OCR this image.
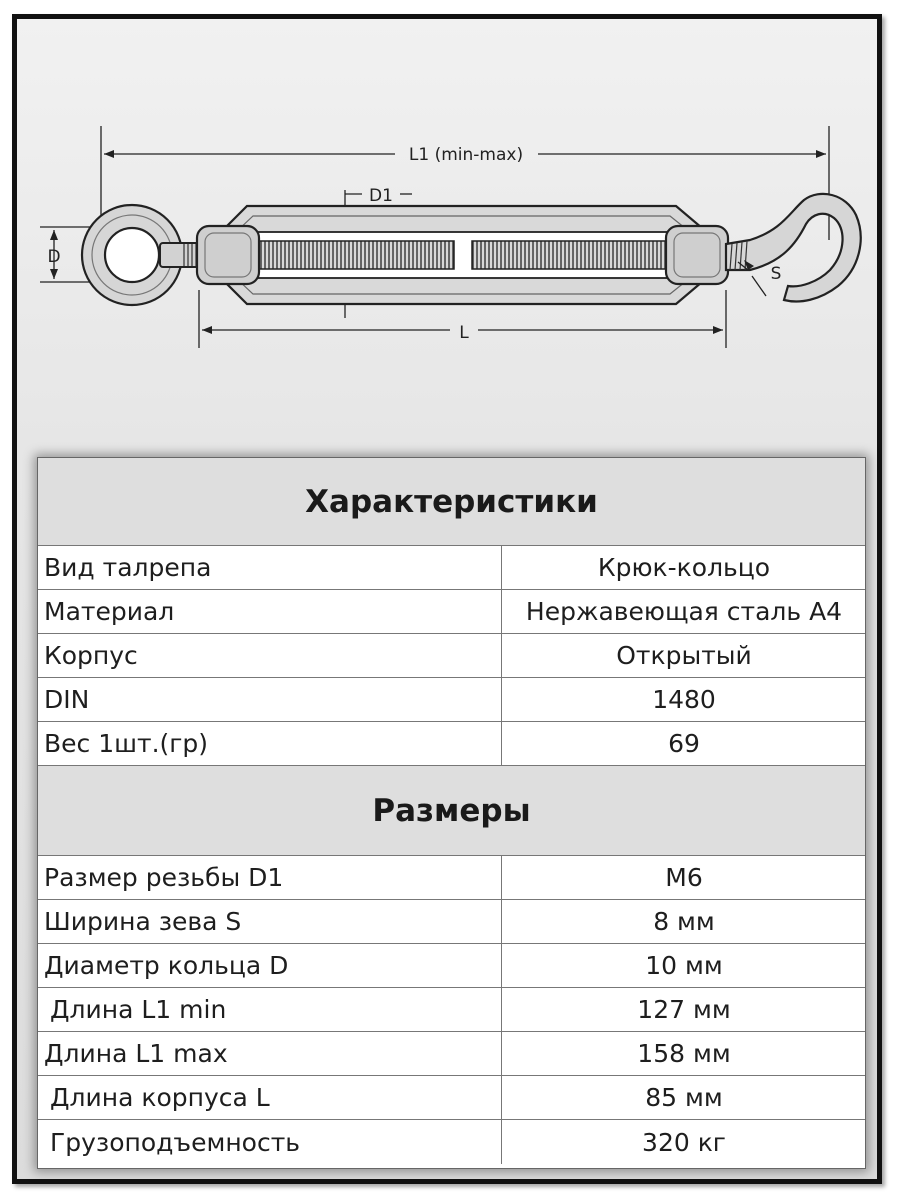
L1 (min-max)
D1
D
L
S
Характеристики
Вид талрепа	Крюк-кольцо
Материал	Нержавеющая сталь А4
Корпус	Открытый
DIN	1480
Вес 1шт.(гр)	69
Размеры
Размер резьбы D1	M6
Ширина зева S	8 мм
Диаметр кольца D	10 мм
Длина L1 min	127 мм
Длина L1 max	158 мм
Длина корпуса L	85 мм
Грузоподъемность	320 кг
